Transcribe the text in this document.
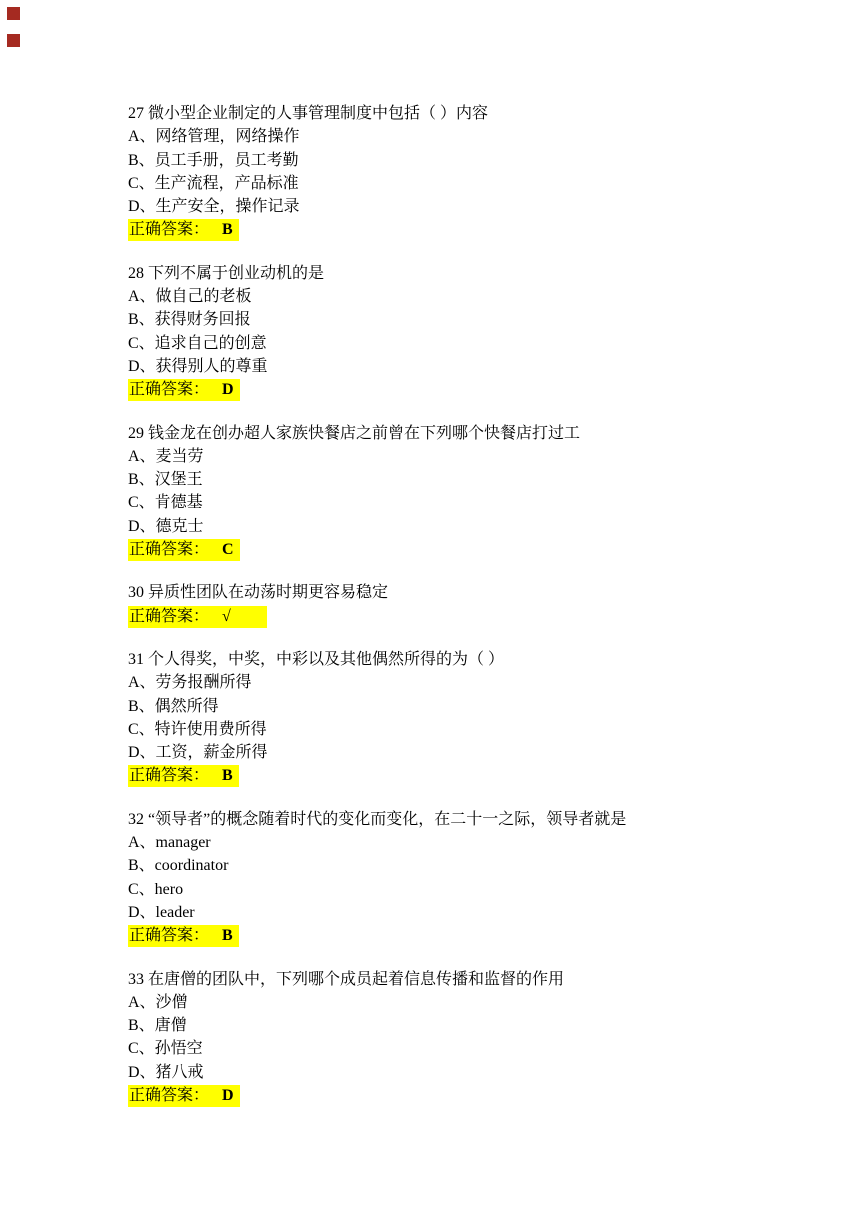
27 微小型企业制定的人事管理制度中包括（ ）内容
A、网络管理，网络操作
B、员工手册，员工考勤
C、生产流程，产品标准
D、生产安全，操作记录
正确答案： B
28 下列不属于创业动机的是
A、做自己的老板
B、获得财务回报
C、追求自己的创意
D、获得别人的尊重
正确答案： D
29 钱金龙在创办超人家族快餐店之前曾在下列哪个快餐店打过工
A、麦当劳
B、汉堡王
C、肯德基
D、德克士
正确答案： C
30 异质性团队在动荡时期更容易稳定
正确答案： √
31 个人得奖，中奖，中彩以及其他偶然所得的为（ ）
A、劳务报酬所得
B、偶然所得
C、特许使用费所得
D、工资，薪金所得
正确答案： B
32 “领导者”的概念随着时代的变化而变化，在二十一之际，领导者就是
A、manager
B、coordinator
C、hero
D、leader
正确答案： B
33 在唐僧的团队中，下列哪个成员起着信息传播和监督的作用
A、沙僧
B、唐僧
C、孙悟空
D、猪八戒
正确答案： D
